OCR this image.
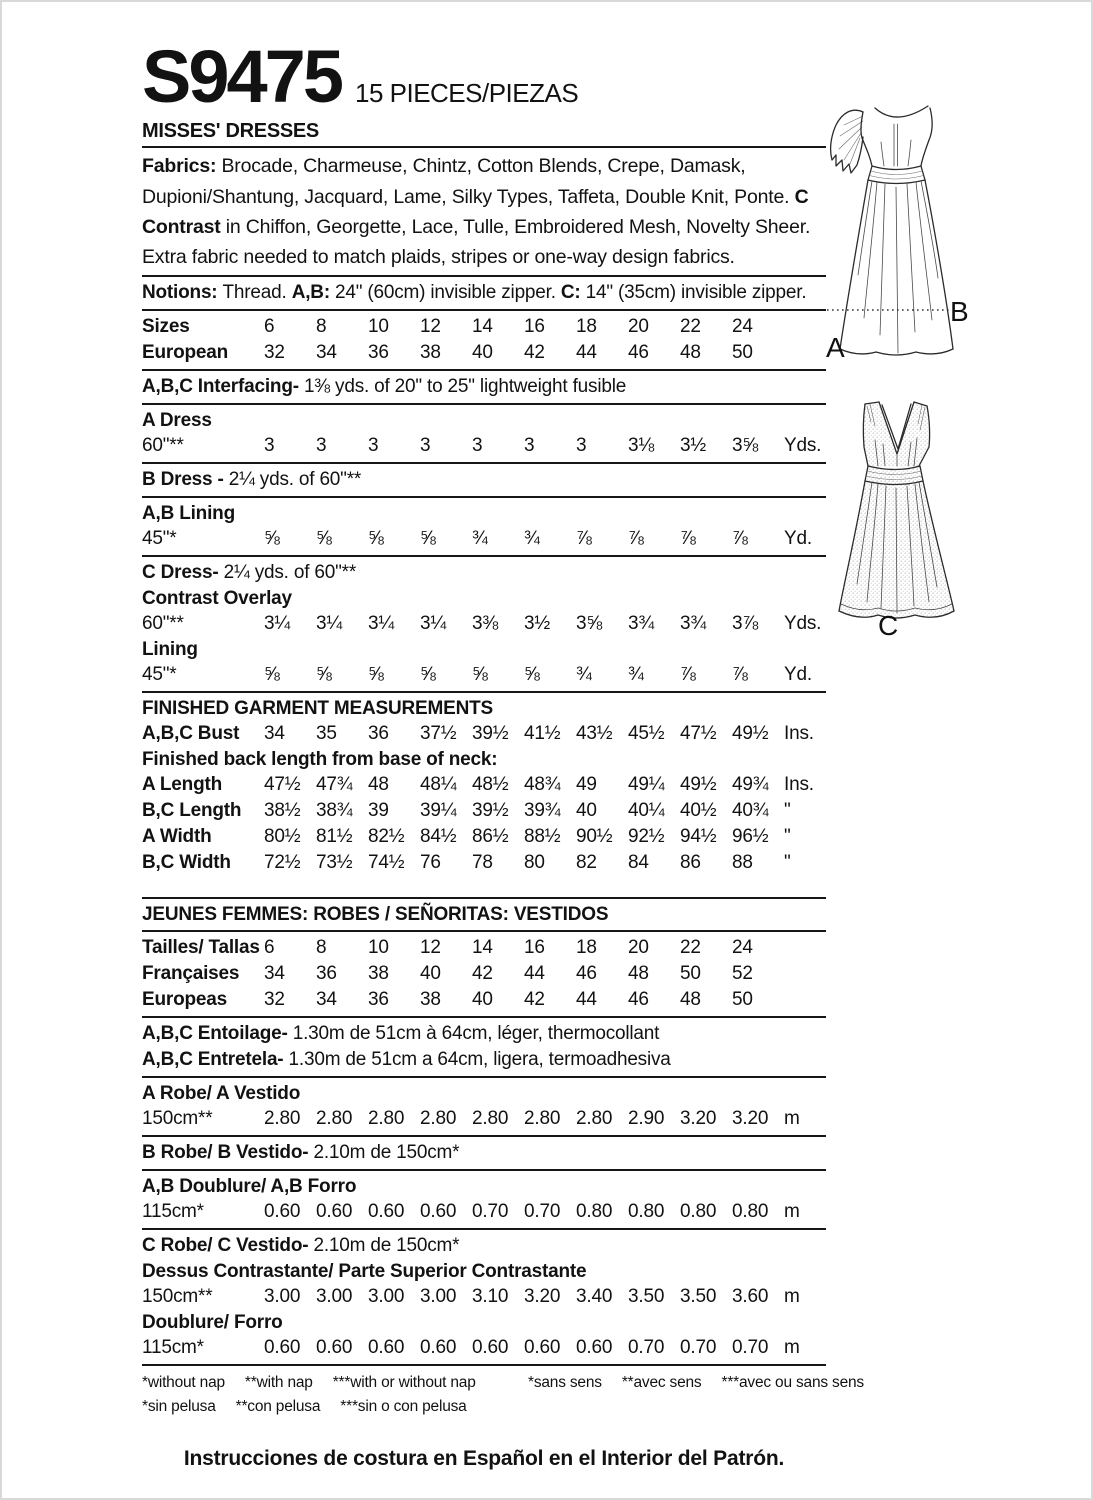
S9475 15 PIECES/PIEZAS
MISSES' DRESSES

Fabrics: Brocade, Charmeuse, Chintz, Cotton Blends, Crepe, Damask, Dupioni/Shantung, Jacquard, Lame, Silky Types, Taffeta, Double Knit, Ponte. C Contrast in Chiffon, Georgette, Lace, Tulle, Embroidered Mesh, Novelty Sheer. Extra fabric needed to match plaids, stripes or one-way design fabrics.

Notions: Thread. A,B: 24" (60cm) invisible zipper. C: 14" (35cm) invisible zipper.
Sizes	6	8	10	12	14	16	18	20	22	24
European	32	34	36	38	40	42	44	46	48	50
A,B,C Interfacing- 1⅜ yds. of 20" to 25" lightweight fusible
A Dress
60"**	3	3	3	3	3	3	3	3⅛	3½	3⅝	Yds.
B Dress - 2¼ yds. of 60"**
A,B Lining
45"*	⅝	⅝	⅝	⅝	¾	¾	⅞	⅞	⅞	⅞	Yd.
C Dress- 2¼ yds. of 60"**
Contrast Overlay
60"**	3¼	3¼	3¼	3¼	3⅜	3½	3⅝	3¾	3¾	3⅞	Yds.
Lining
45"*	⅝	⅝	⅝	⅝	⅝	⅝	¾	¾	⅞	⅞	Yd.
FINISHED GARMENT MEASUREMENTS
A,B,C Bust	34	35	36	37½ 39½ 41½ 43½ 45½ 47½ 49½ Ins.
Finished back length from base of neck:
A Length	47½ 47¾ 48	48¼ 48½ 48¾ 49	49¼ 49½ 49¾ Ins.
B,C Length	38½ 38¾ 39	39¼ 39½ 39¾ 40	40¼ 40½ 40¾ "
A Width	80½ 81½ 82½ 84½ 86½ 88½ 90½ 92½ 94½ 96½ "
B,C Width	72½ 73½ 74½ 76	78	80	82	84	86	88	"
JEUNES FEMMES: ROBES / SEÑORITAS: VESTIDOS
Tailles/ Tallas 6	8	10	12	14	16	18	20	22	24
Françaises	34	36	38	40	42	44	46	48	50	52
Europeas	32	34	36	38	40	42	44	46	48	50
A,B,C Entoilage- 1.30m de 51cm à 64cm, léger, thermocollant
A,B,C Entretela- 1.30m de 51cm a 64cm, ligera, termoadhesiva
A Robe/ A Vestido
150cm**	2.80 2.80 2.80 2.80 2.80 2.80 2.80 2.90 3.20 3.20 m
B Robe/ B Vestido- 2.10m de 150cm*
A,B Doublure/ A,B Forro
115cm*	0.60 0.60 0.60 0.60 0.70 0.70 0.80 0.80 0.80 0.80 m
C Robe/ C Vestido- 2.10m de 150cm*
Dessus Contrastante/ Parte Superior Contrastante
150cm**	3.00 3.00 3.00 3.00 3.10 3.20 3.40 3.50 3.50 3.60 m
Doublure/ Forro
115cm*	0.60 0.60 0.60 0.60 0.60 0.60 0.60 0.70 0.70 0.70 m
*without nap **with nap ***with or without nap	*sans sens **avec sens ***avec ou sans sens
*sin pelusa **con pelusa ***sin o con pelusa
Instrucciones de costura en Español en el Interior del Patrón.
A
B
C
